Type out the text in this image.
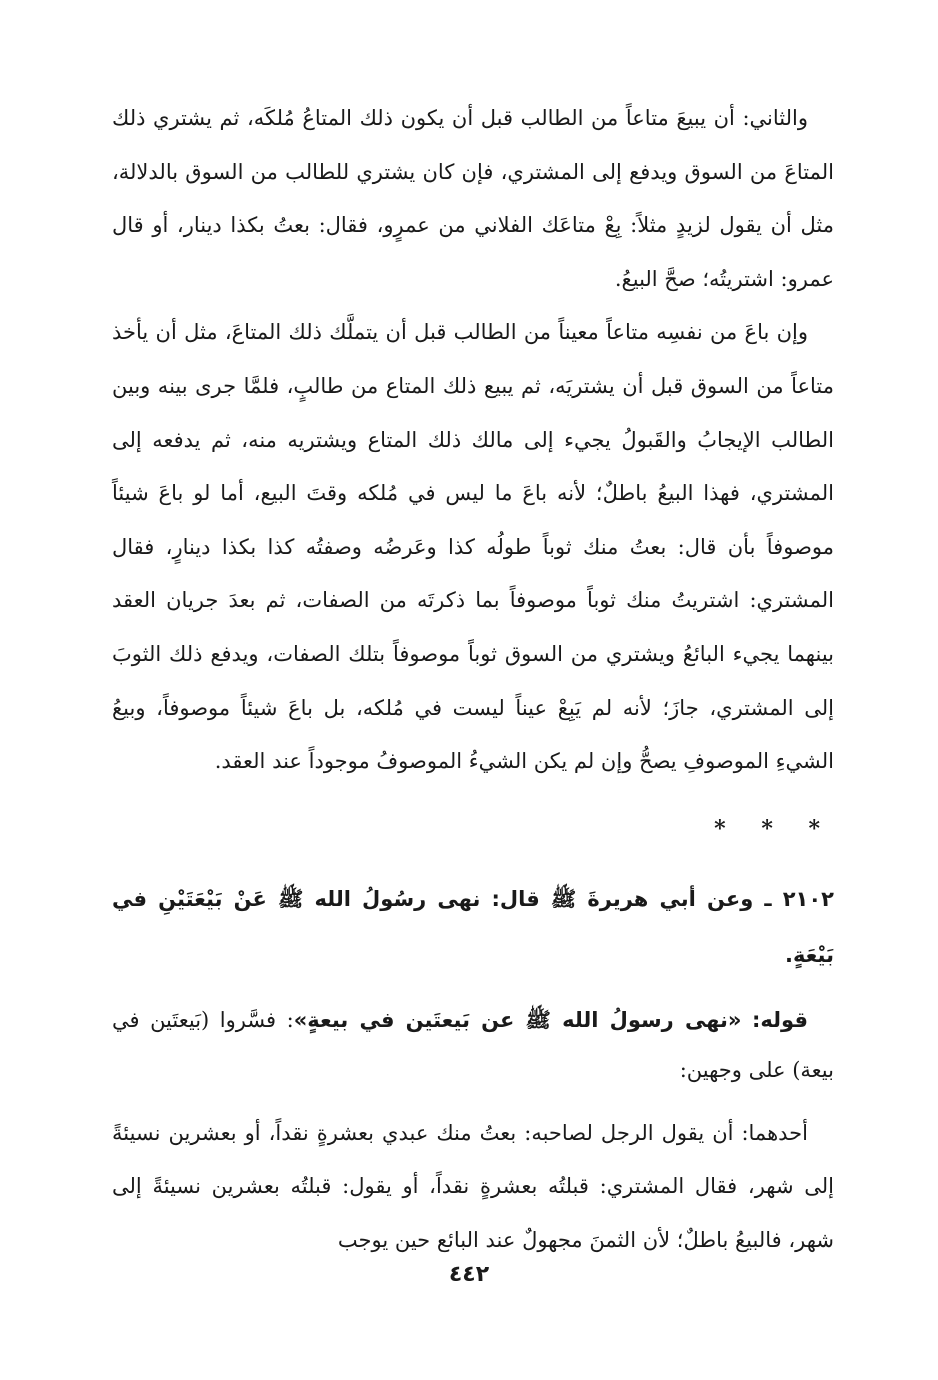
والثاني: أن يبيعَ متاعاً من الطالب قبل أن يكون ذلك المتاعُ مُلكَه، ثم يشتري ذلك المتاعَ من السوق ويدفع إلى المشتري، فإن كان يشتري للطالب من السوق بالدلالة، مثل أن يقول لزيدٍ مثلاً: بِعْ متاعَك الفلاني من عمرٍو، فقال: بعتُ بكذا دينار، أو قال عمرو: اشتريتُه؛ صحَّ البيعُ.

وإن باعَ من نفسِه متاعاً معيناً من الطالب قبل أن يتملَّك ذلك المتاعَ، مثل أن يأخذ متاعاً من السوق قبل أن يشتريَه، ثم يبيع ذلك المتاع من طالبٍ، فلمَّا جرى بينه وبين الطالب الإيجابُ والقَبولُ يجيء إلى مالك ذلك المتاع ويشتريه منه، ثم يدفعه إلى المشتري، فهذا البيعُ باطلٌ؛ لأنه باعَ ما ليس في مُلكه وقتَ البيع، أما لو باعَ شيئاً موصوفاً بأن قال: بعتُ منك ثوباً طولُه كذا وعَرضُه وصفتُه كذا بكذا دينارٍ، فقال المشتري: اشتريتُ منك ثوباً موصوفاً بما ذكرتَه من الصفات، ثم بعدَ جريان العقد بينهما يجيء البائعُ ويشتري من السوق ثوباً موصوفاً بتلك الصفات، ويدفع ذلك الثوبَ إلى المشتري، جازَ؛ لأنه لم يَبِعْ عيناً ليست في مُلكه، بل باعَ شيئاً موصوفاً، وبيعُ الشيءِ الموصوفِ يصحُّ وإن لم يكن الشيءُ الموصوفُ موجوداً عند العقد.

* * *

٢١٠٢ ـ وعن أبي هريرةَ ﷺ قال: نهى رسُولُ الله ﷺ عَنْ بَيْعَتَيْنِ في بَيْعَةٍ.

قوله: «نهى رسولُ الله ﷺ عن بَيعتَين في بيعةٍ»: فسَّروا (بَيعتَين في بيعة) على وجهين:

أحدهما: أن يقول الرجل لصاحبه: بعتُ منك عبدي بعشرةٍ نقداً، أو بعشرين نسيئةً إلى شهر، فقال المشتري: قبلتُه بعشرةٍ نقداً، أو يقول: قبلتُه بعشرين نسيئةً إلى شهر، فالبيعُ باطلٌ؛ لأن الثمنَ مجهولٌ عند البائع حين يوجب

٤٤٢
